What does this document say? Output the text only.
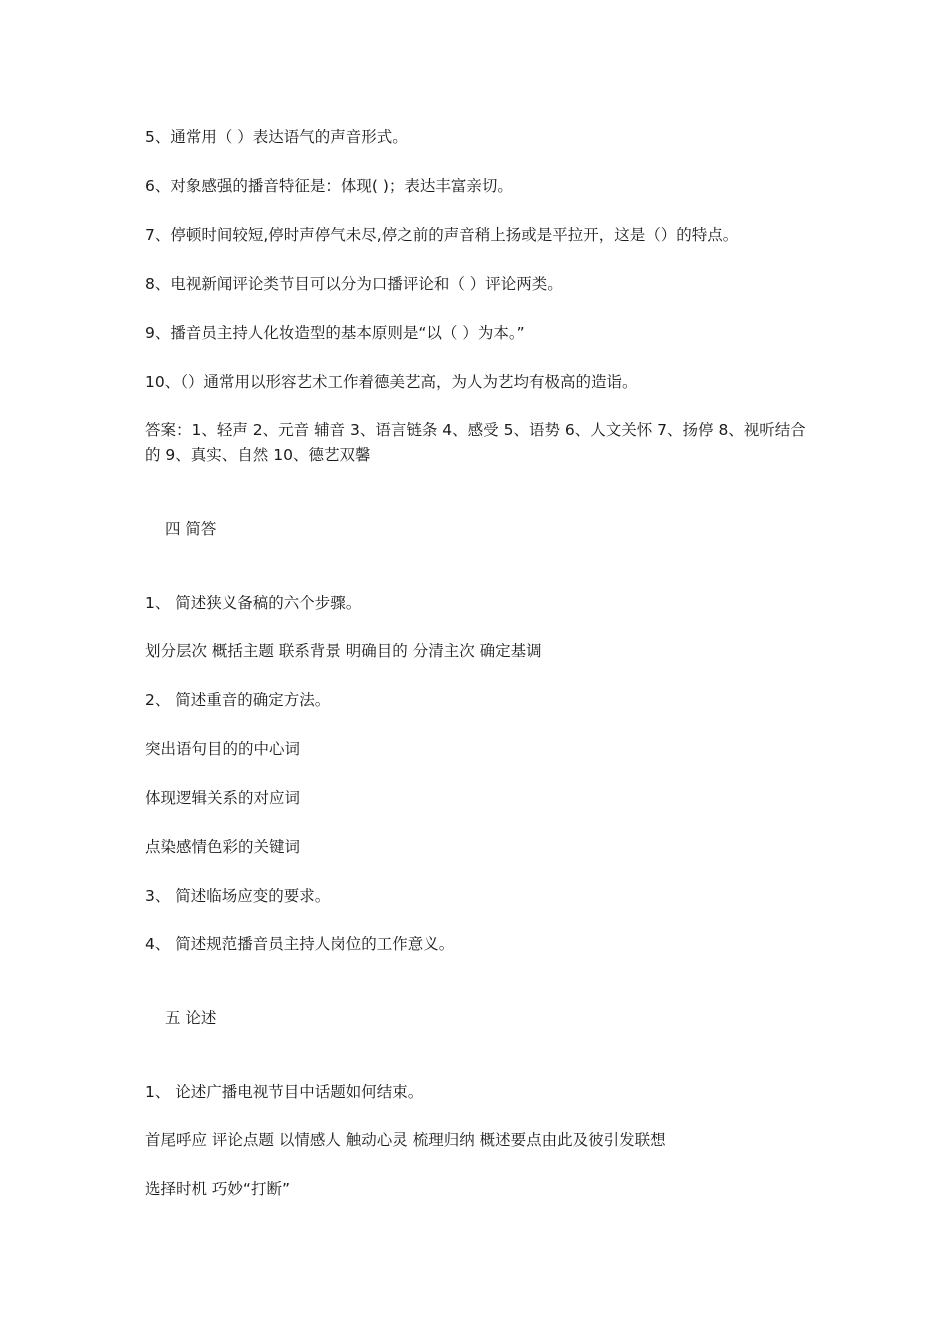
5、通常用（ ）表达语气的声音形式。
6、对象感强的播音特征是：体现( )；表达丰富亲切。
7、停顿时间较短,停时声停气未尽,停之前的声音稍上扬或是平拉开，这是（）的特点。
8、电视新闻评论类节目可以分为口播评论和（ ）评论两类。
9、播音员主持人化妆造型的基本原则是“以（ ）为本。”
10、（）通常用以形容艺术工作着德美艺高，为人为艺均有极高的造诣。
答案：1、轻声 2、元音 辅音 3、语言链条 4、感受 5、语势 6、人文关怀 7、扬停 8、视听结合的 9、真实、自然 10、德艺双馨
四 简答
1、 简述狭义备稿的六个步骤。
划分层次 概括主题 联系背景 明确目的 分清主次 确定基调
2、 简述重音的确定方法。
突出语句目的的中心词
体现逻辑关系的对应词
点染感情色彩的关键词
3、 简述临场应变的要求。
4、 简述规范播音员主持人岗位的工作意义。
五 论述
1、 论述广播电视节目中话题如何结束。
首尾呼应 评论点题 以情感人 触动心灵 梳理归纳 概述要点由此及彼引发联想
选择时机 巧妙“打断”
